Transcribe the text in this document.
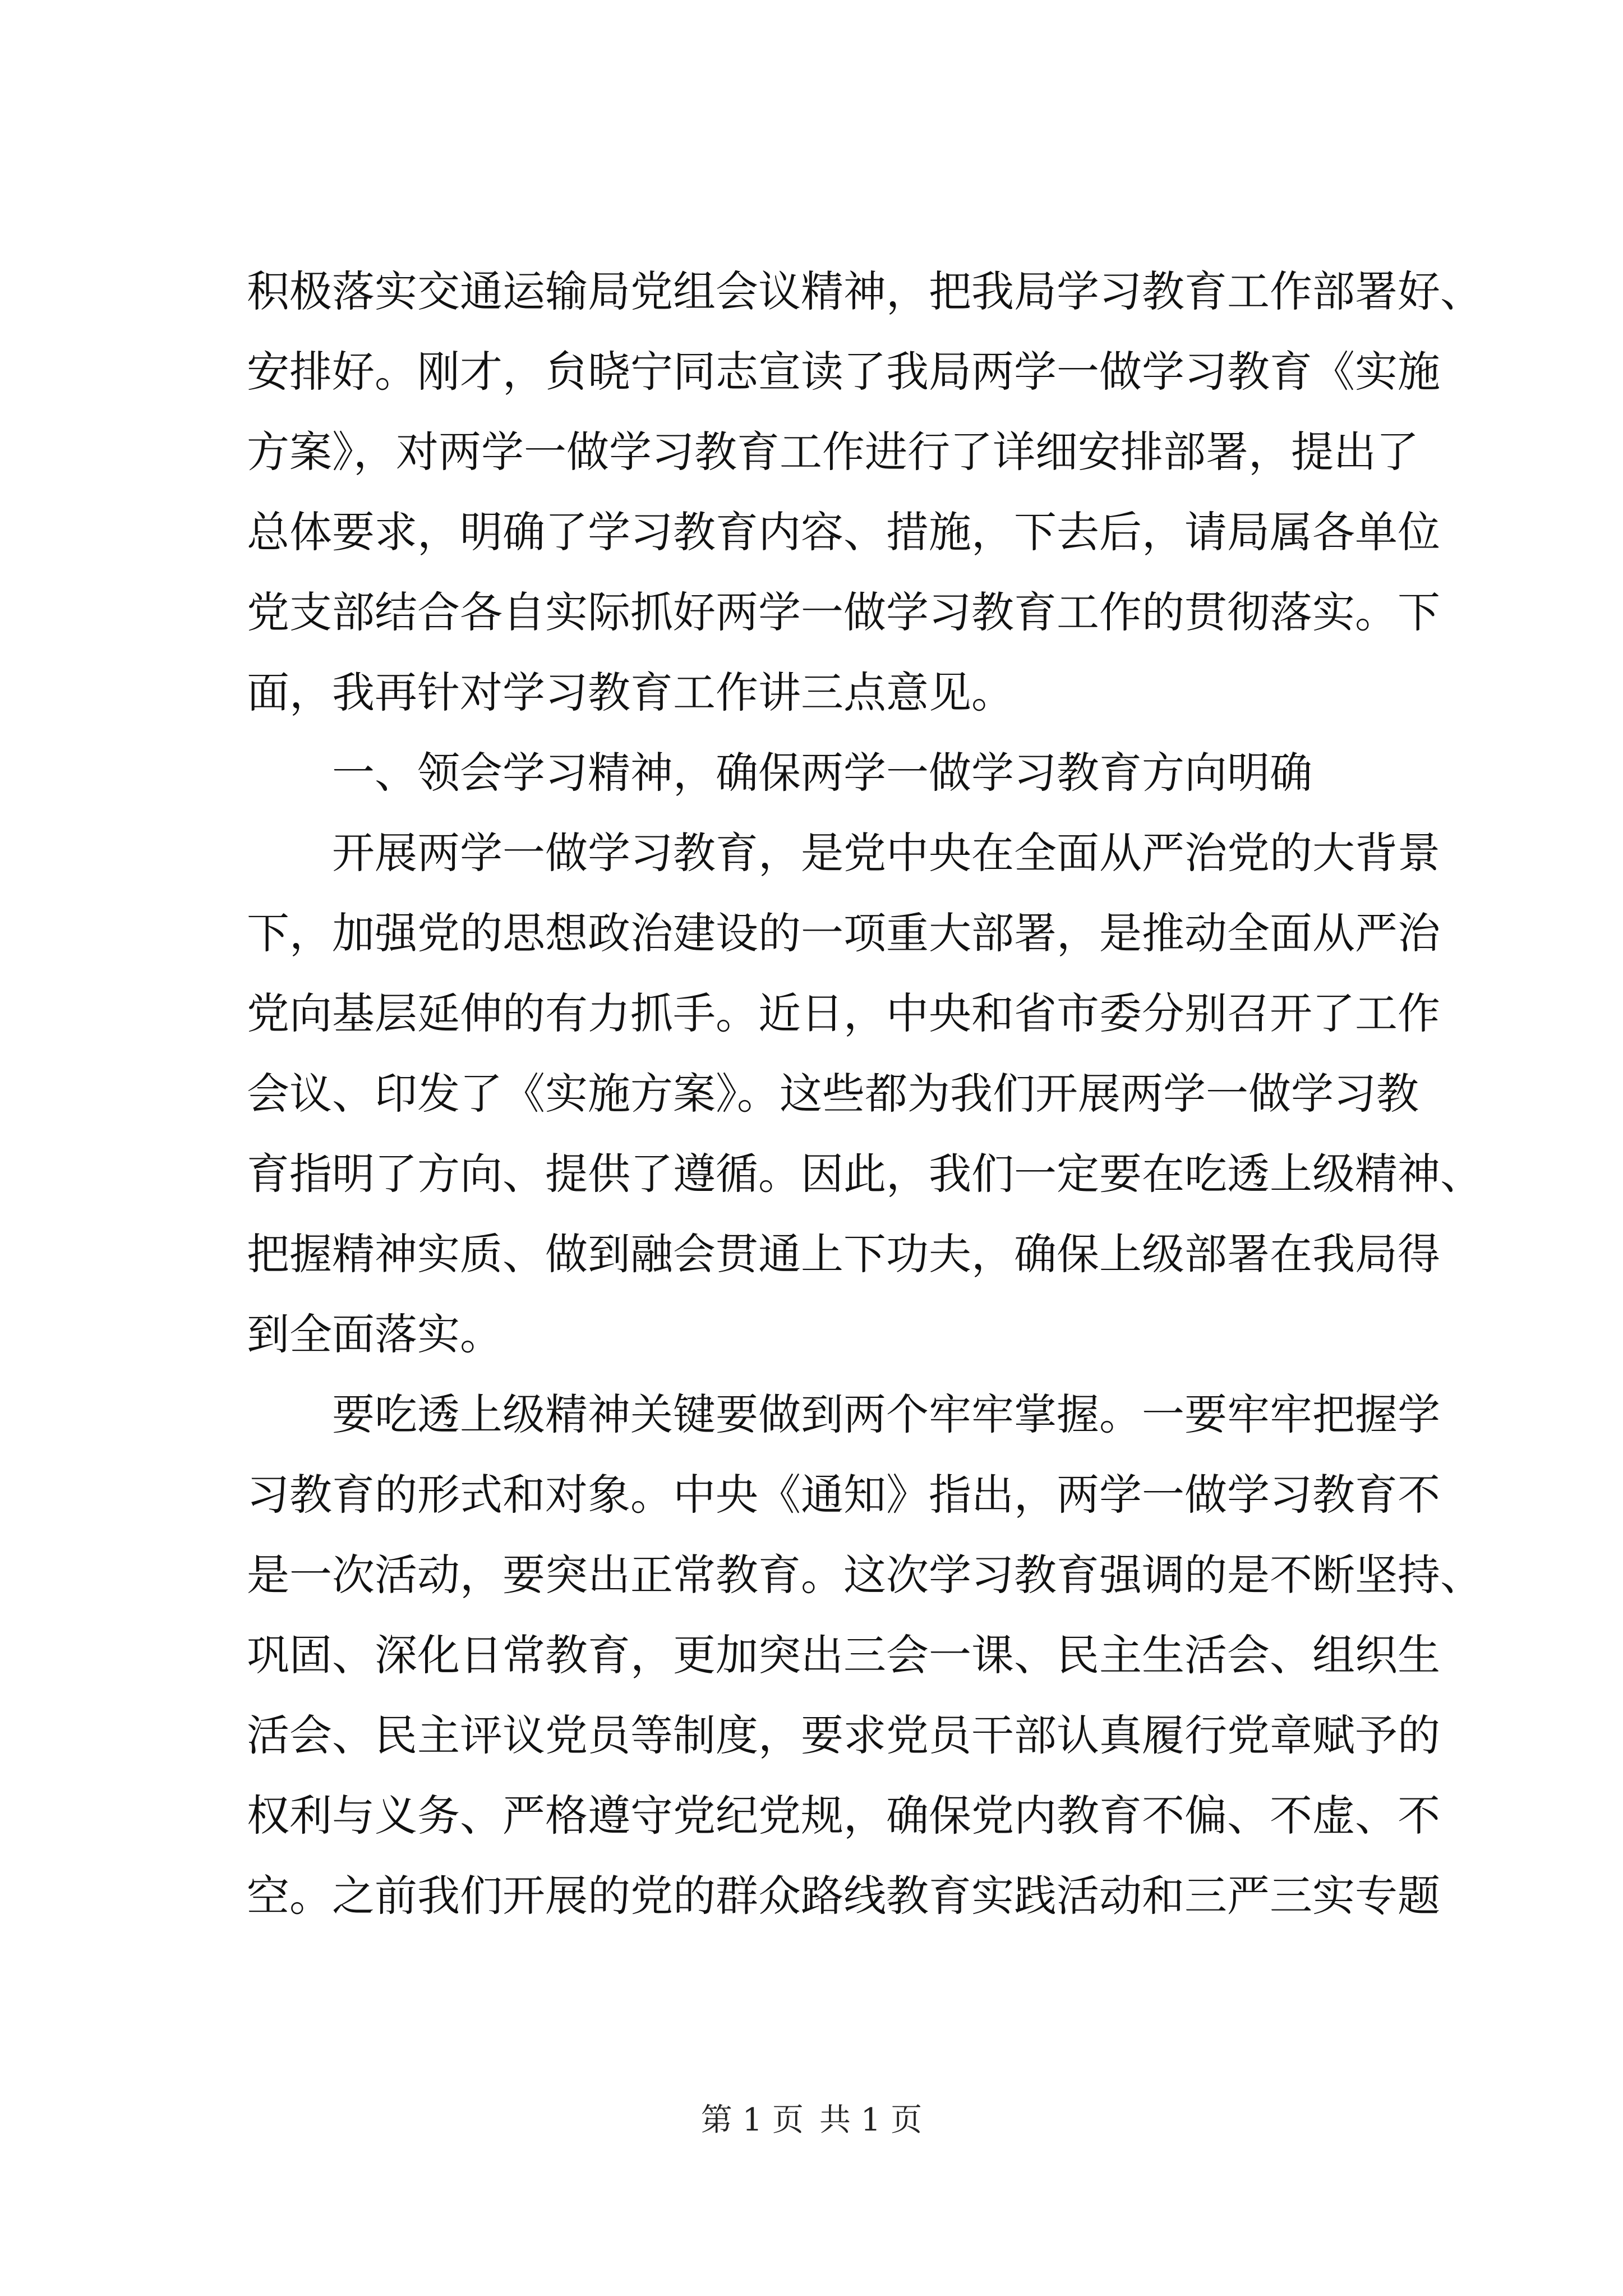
积极落实交通运输局党组会议精神，把我局学习教育工作部署好、
安排好。刚才，贠晓宁同志宣读了我局两学一做学习教育《实施
方案》，对两学一做学习教育工作进行了详细安排部署，提出了
总体要求，明确了学习教育内容、措施，下去后，请局属各单位
党支部结合各自实际抓好两学一做学习教育工作的贯彻落实。下
面，我再针对学习教育工作讲三点意见。
一、领会学习精神，确保两学一做学习教育方向明确
开展两学一做学习教育，是党中央在全面从严治党的大背景
下，加强党的思想政治建设的一项重大部署，是推动全面从严治
党向基层延伸的有力抓手。近日，中央和省市委分别召开了工作
会议、印发了《实施方案》。这些都为我们开展两学一做学习教
育指明了方向、提供了遵循。因此，我们一定要在吃透上级精神、
把握精神实质、做到融会贯通上下功夫，确保上级部署在我局得
到全面落实。
要吃透上级精神关键要做到两个牢牢掌握。一要牢牢把握学
习教育的形式和对象。中央《通知》指出，两学一做学习教育不
是一次活动，要突出正常教育。这次学习教育强调的是不断坚持、
巩固、深化日常教育，更加突出三会一课、民主生活会、组织生
活会、民主评议党员等制度，要求党员干部认真履行党章赋予的
权利与义务、严格遵守党纪党规，确保党内教育不偏、不虚、不
空。之前我们开展的党的群众路线教育实践活动和三严三实专题
第 1 页 共 1 页
